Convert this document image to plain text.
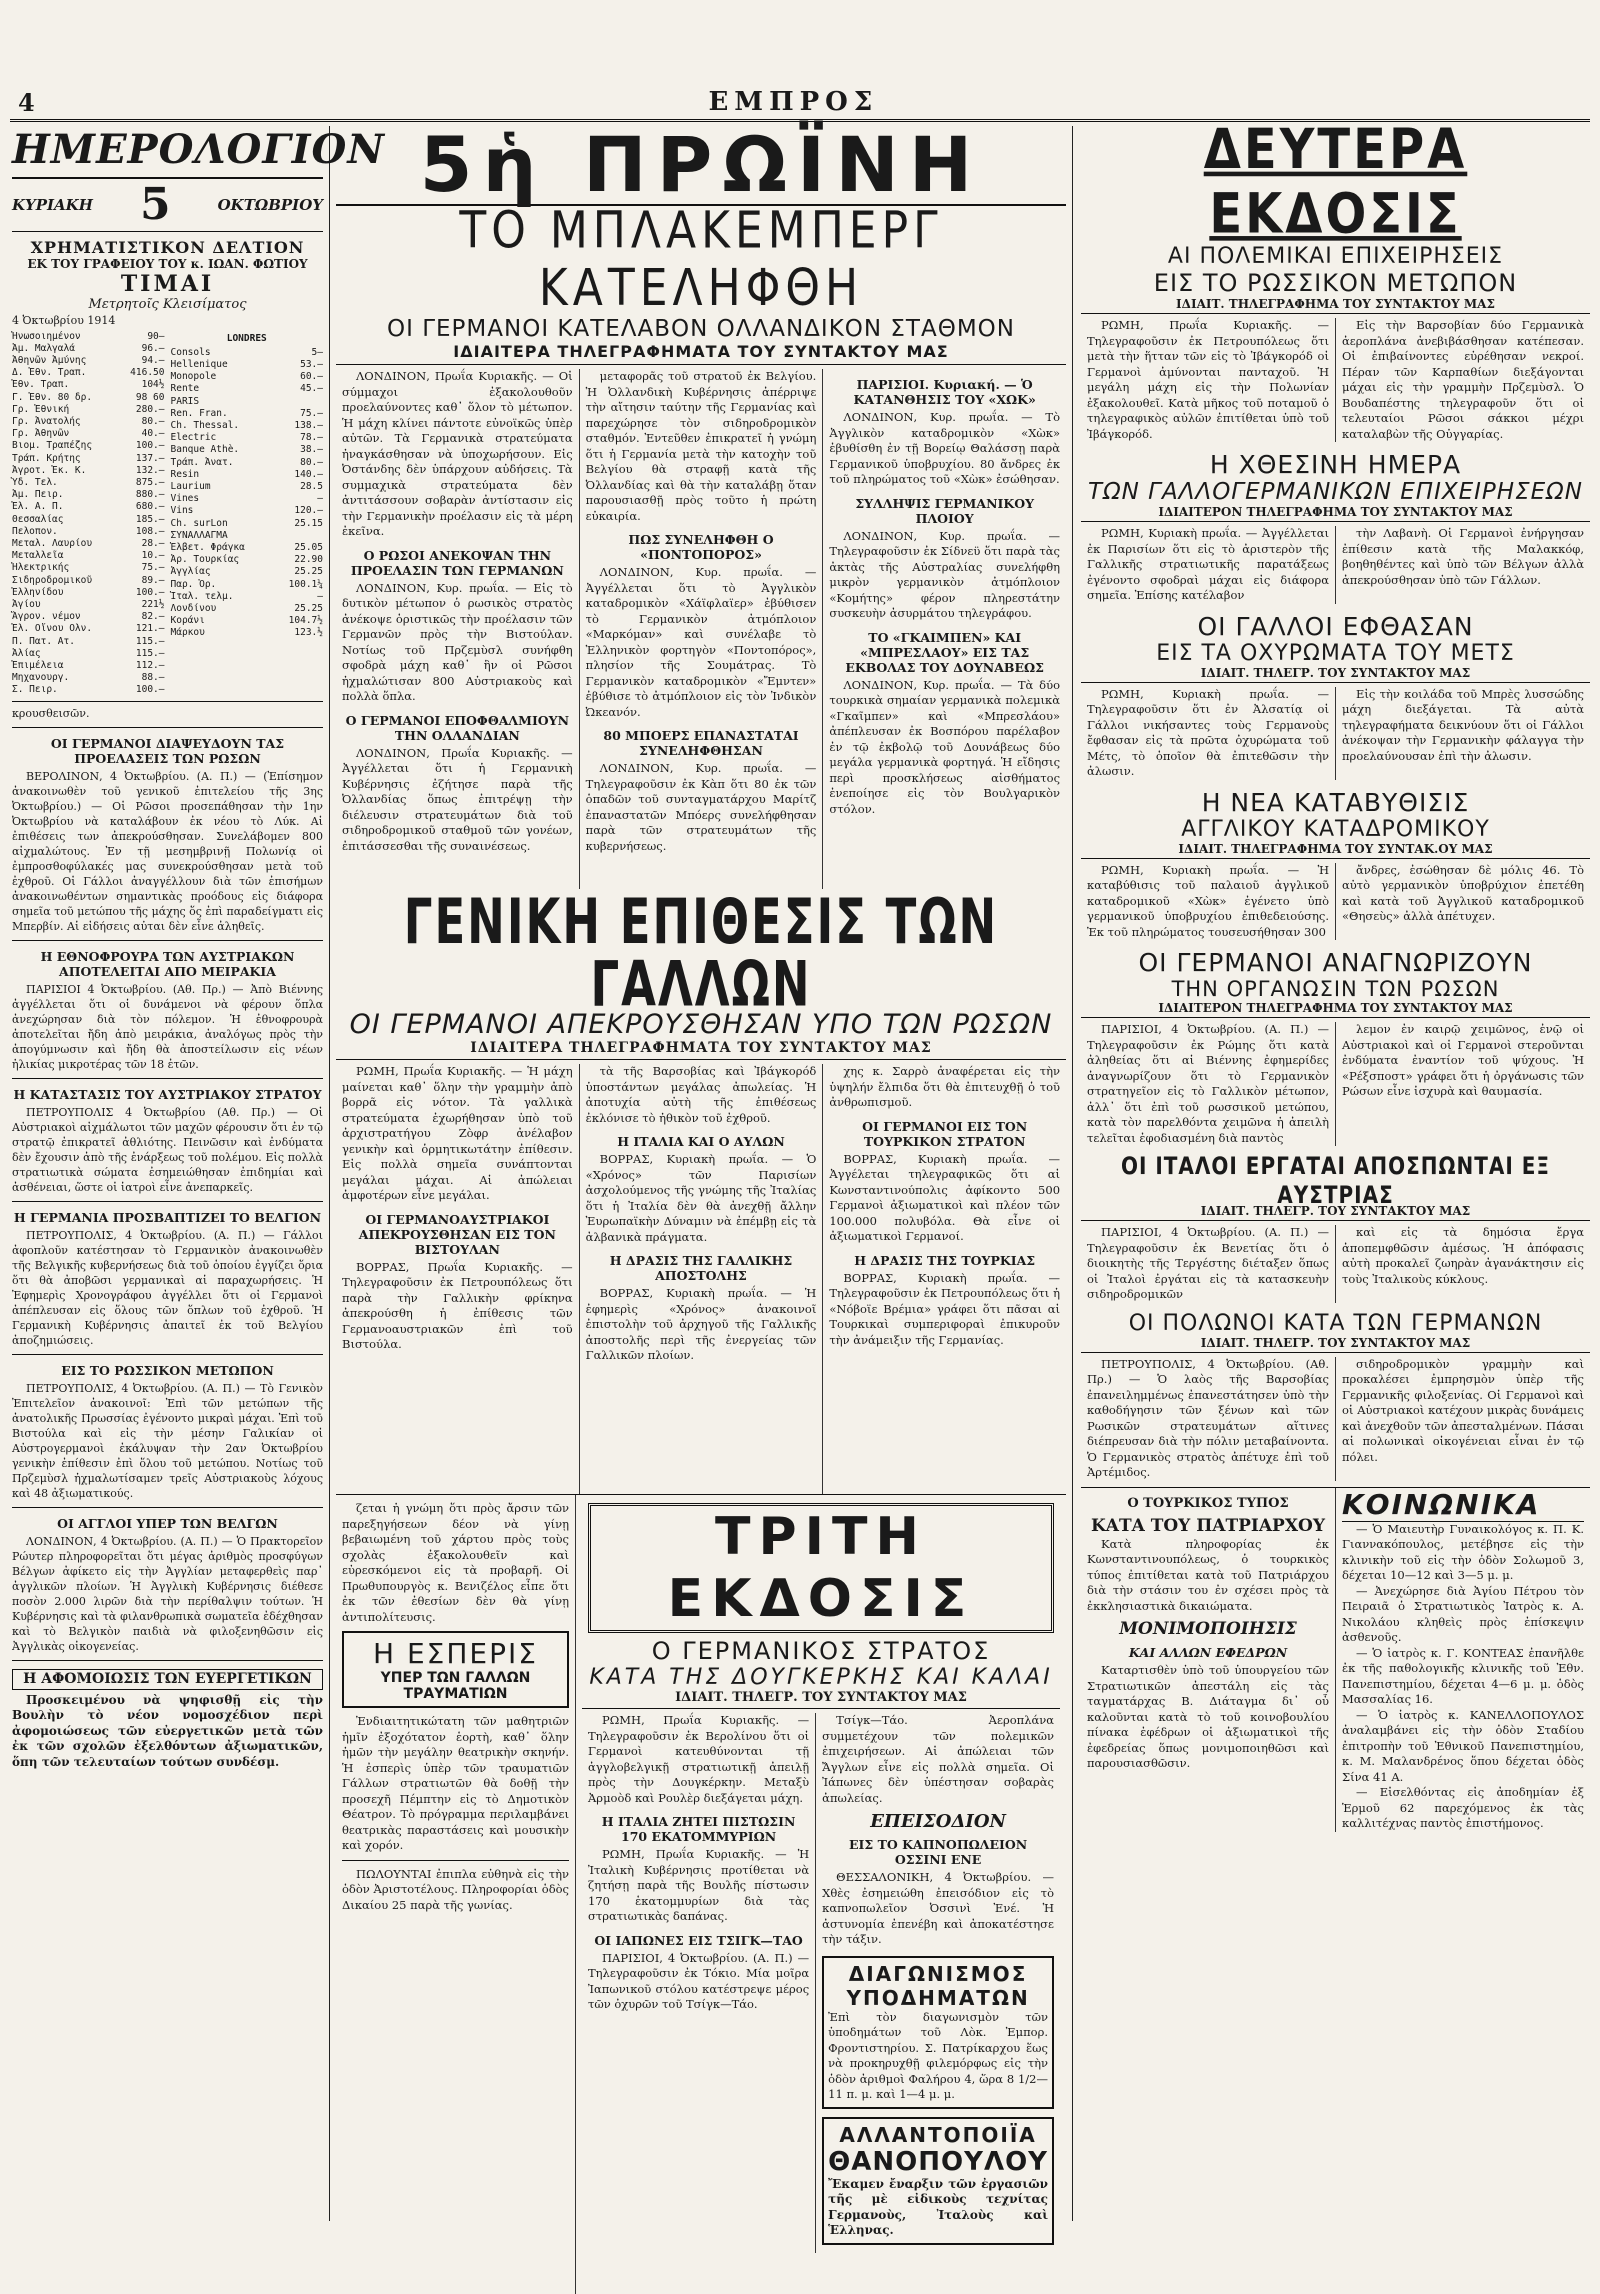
4	ΕΜΠΡΟΣ
ΗΜΕΡΟΛΟΓΙΟΝ
ΚΥΡΙΑΚΗ 5	ΟΚΤΩΒΡΙΟΥ
ΧΡΗΜΑΤΙΣΤΙΚΟΝ ΔΕΛΤΙΟΝ
ΕΚ ΤΟΥ ΓΡΑΦΕΙΟΥ ΤΟΥ κ. ΙΩΑΝ. ΦΩΤΙΟΥ
ΤΙΜΑΙ
Μετρητοῖς Κλεισίματος
4 Ὀκτωβρίου 1914
Ἡνωσοιημένον	90—
Ἀμ. Μαλγαλά	96.—
Ἀθηνῶν Ἀμύνης	94.—
Δ. Ἐθν. Τραπ.	416.50
Ἐθν. Τραπ.	104½
Γ. Ἐθν. 80 δρ.	98 60
Γρ. Ἐθνική	280.—
Γρ. Ἀνατολής	80.—
Γρ. Ἀθηνῶν	40.—
Βιομ. Τραπέζης	100.—
Τράπ. Κρήτης	137.—
Ἀγροτ. Ἐκ. Κ.	132.—
Ὑδ. Τελ.	875.—
Ἀμ. Πειρ.	880.—
Ἐλ. Α. Π.	680.—
Θεσσαλίας	185.—
Πελοπον.	108.—
Μεταλ. Λαυρίου	28.—
Μεταλλεῖα	10.—
Ἠλεκτρικής	75.—
Σιδηροδρομικοῦ	89.—
Ἑλληνίδου	100.—
Ἀγίου	221½
Ἄγρον. νέμον	82.—
Ἐλ. Οἴνου Ολν.	121.—
Π. Πατ. Ατ.	115.—
Ἀλίας	115.—
Ἐπιμέλεια	112.—
Μηχανουργ.	88.—
Σ. Πειρ.	100.—
LONDRES
Consols	5—
Hellenique	53.—
Monopole	60.—
Rente	45.—
PARIS
Ren. Fran.	75.—
Ch. Thessal.	138.—
Electric	78.—
Banque Athè.	38.—
Τράπ. Ἀνατ.	80.—
Resin	140.—
Laurium	28.5
Vines	—
Vins	120.—
Ch. surLon	25.15
ΣΥΝΑΛΛΑΓΜΑ
Ἐλβετ. Φράγκα	25.05
Ἀρ. Τουρκίας	22.90
Ἀγγλίας	25.25
Παρ. Ὁρ.	100.1¼
Ἰταλ. τελμ.	—
Λονδίνου	25.25
Κοράνι	104.7½
Μάρκου	123.½
κρουσθεισῶν.
ΟΙ ΓΕΡΜΑΝΟΙ ΔΙΑΨΕΥΔΟΥΝ ΤΑΣ ΠΡΟΕΛΑΣΕΙΣ ΤΩΝ ΡΩΣΩΝ
ΒΕΡΟΛΙΝΟΝ, 4 Ὀκτωβρίου. (Α. Π.) — (Ἐπίσημον ἀνακοινωθὲν τοῦ γενικοῦ ἐπιτελείου τῆς 3ης Ὀκτωβρίου.) — Οἱ Ρῶσοι προσεπάθησαν τὴν 1ην Ὀκτωβρίου νὰ καταλάβουν ἐκ νέου τὸ Λύκ. Αἱ ἐπιθέσεις των ἀπεκρούσθησαν. Συνελάβομεν 800 αἰχμαλώτους. Ἐν τῇ μεσημβρινῇ Πολωνίᾳ οἱ ἐμπροσθοφύλακές μας συνεκρούσθησαν μετὰ τοῦ ἐχθροῦ. Οἱ Γάλλοι ἀναγγέλλουν διὰ τῶν ἐπισήμων ἀνακοινωθέντων σημαντικὰς προόδους εἰς διάφορα σημεῖα τοῦ μετώπου τῆς μάχης ὅς ἐπὶ παραδείγματι εἰς Μπερβίν. Αἱ εἰδήσεις αὐται δὲν εἶνε ἀληθεῖς.
Η ΕΘΝΟΦΡΟΥΡΑ ΤΩΝ ΑΥΣΤΡΙΑΚΩΝ ΑΠΟΤΕΛΕΙΤΑΙ ΑΠΟ ΜΕΙΡΑΚΙΑ
ΠΑΡΙΣΙΟΙ 4 Ὀκτωβρίου. (Αθ. Πρ.) — Ἀπὸ Βιέννης ἀγγέλλεται ὅτι οἱ δυνάμενοι νὰ φέρουν ὅπλα ἀνεχώρησαν διὰ τὸν πόλεμον. Ἡ ἐθνοφρουρὰ ἀποτελεῖται ἤδη ἀπὸ μειράκια, ἀναλόγως πρὸς τὴν ἀπογύμνωσιν καὶ ἤδη θὰ ἀποστείλωσιν εἰς νέων ἡλικίας μικροτέρας τῶν 18 ἐτῶν.
Η ΚΑΤΑΣΤΑΣΙΣ ΤΟΥ ΑΥΣΤΡΙΑΚΟΥ ΣΤΡΑΤΟΥ
ΠΕΤΡΟΥΠΟΛΙΣ 4 Ὀκτωβρίου (Αθ. Πρ.) — Οἱ Αὐστριακοὶ αἰχμάλωτοι τῶν μαχῶν φέρουσιν ὅτι ἐν τῷ στρατῷ ἐπικρατεῖ ἀθλιότης. Πεινῶσιν καὶ ἐνδύματα δὲν ἔχουσιν ἀπὸ τῆς ἐνάρξεως τοῦ πολέμου. Εἰς πολλὰ στρατιωτικὰ σώματα ἐσημειώθησαν ἐπιδημίαι καὶ ἀσθένειαι, ὥστε οἱ ἰατροὶ εἶνε ἀνεπαρκεῖς.
Η ΓΕΡΜΑΝΙΑ ΠΡΟΣΒΑΠΤΙΖΕΙ ΤΟ ΒΕΛΓΙΟΝ
ΠΕΤΡΟΥΠΟΛΙΣ, 4 Ὀκτωβρίου. (Α. Π.) — Γάλλοι ἀφοπλοῦν κατέστησαν τὸ Γερμανικὸν ἀνακοινωθὲν τῆς Βελγικῆς κυβερνήσεως διὰ τοῦ ὁποίου ἐγγίζει ὅρια ὅτι θὰ ἀποβῶσι γερμανικαὶ αἱ παραχωρήσεις. Ἡ Ἐφημερὶς Χρονογράφου ἀγγέλλει ὅτι οἱ Γερμανοὶ ἀπέπλευσαν εἰς ὅλους τῶν ὅπλων τοῦ ἐχθροῦ. Ἡ Γερμανικὴ Κυβέρνησις ἀπαιτεῖ ἐκ τοῦ Βελγίου ἀποζημιώσεις.
ΕΙΣ ΤΟ ΡΩΣΣΙΚΟΝ ΜΕΤΩΠΟΝ
ΠΕΤΡΟΥΠΟΛΙΣ, 4 Ὀκτωβρίου. (Α. Π.) — Τὸ Γενικὸν Ἐπιτελεῖον ἀνακοινοῖ: Ἐπὶ τῶν μετώπων τῆς ἀνατολικῆς Πρωσσίας ἐγένοντο μικραὶ μάχαι. Ἐπὶ τοῦ Βιστούλα καὶ εἰς τὴν μέσην Γαλικίαν οἱ Αὐστρογερμανοὶ ἐκάλυψαν τὴν 2αν Ὀκτωβρίου γενικὴν ἐπίθεσιν ἐπὶ ὅλου τοῦ μετώπου. Νοτίως τοῦ Πρζεμὺσλ ἠχμαλωτίσαμεν τρεῖς Αὐστριακοὺς λόχους καὶ 48 ἀξιωματικούς.
ΟΙ ΑΓΓΛΟΙ ΥΠΕΡ ΤΩΝ ΒΕΛΓΩΝ
ΛΟΝΔΙΝΟΝ, 4 Ὀκτωβρίου. (Α. Π.) — Ὁ Πρακτορεῖον Ρώυτερ πληροφορεῖται ὅτι μέγας ἀριθμὸς προσφύγων Βέλγων ἀφίκετο εἰς τὴν Ἀγγλίαν μεταφερθεὶς παρ᾽ ἀγγλικῶν πλοίων. Ἡ Ἀγγλικὴ Κυβέρνησις διέθεσε ποσὸν 2.000 λιρῶν διὰ τὴν περίθαλψιν τούτων. Ἡ Κυβέρνησις καὶ τὰ φιλανθρωπικὰ σωματεῖα ἐδέχθησαν καὶ τὸ Βελγικὸν παιδιὰ νὰ φιλοξενηθῶσιν εἰς Ἀγγλικὰς οἰκογενείας.
Η ΑΦΟΜΟΙΩΣΙΣ ΤΩΝ ΕΥΕΡΓΕΤΙΚΩΝ
Προσκειμένου νὰ ψηφισθῇ εἰς τὴν Βουλὴν τὸ νέον νομοσχέδιον περὶ ἀφομοιώσεως τῶν εὐεργετικῶν μετὰ τῶν ἐκ τῶν σχολῶν ἐξελθόντων ἀξιωματικῶν, ὅπη τῶν τελευταίων τούτων συνδέσμ.
5ἡ ΠΡΩΪΝΗ
ΤΟ ΜΠΛΑΚΕΜΠΕΡΓ ΚΑΤΕΛΗΦΘΗ
ΟΙ ΓΕΡΜΑΝΟΙ ΚΑΤΕΛΑΒΟΝ ΟΛΛΑΝΔΙΚΟΝ ΣΤΑΘΜΟΝ
ΙΔΙΑΙΤΕΡΑ ΤΗΛΕΓΡΑΦΗΜΑΤΑ ΤΟΥ ΣΥΝΤΑΚΤΟΥ ΜΑΣ
ΛΟΝΔΙΝΟΝ, Πρωΐα Κυριακῆς. — Οἱ σύμμαχοι ἐξακολουθοῦν προελαύνοντες καθ᾽ ὅλον τὸ μέτωπον. Ἡ μάχη κλίνει πάντοτε εὐνοϊκῶς ὑπὲρ αὐτῶν. Τὰ Γερμανικὰ στρατεύματα ἠναγκάσθησαν νὰ ὑποχωρήσουν. Εἰς Ὀστάνδης δὲν ὑπάρχουν αὐδήσεις. Τὰ συμμαχικὰ στρατεύματα δὲν ἀντιτάσσουν σοβαρὰν ἀντίστασιν εἰς τὴν Γερμανικὴν προέλασιν εἰς τὰ μέρη ἐκεῖνα.
Ο ΡΩΣΟΙ ΑΝΕΚΟΨΑΝ ΤΗΝ ΠΡΟΕΛΑΣΙΝ ΤΩΝ ΓΕΡΜΑΝΩΝ
ΛΟΝΔΙΝΟΝ, Κυρ. πρωΐα. — Εἰς τὸ δυτικὸν μέτωπον ὁ ρωσικὸς στρατὸς ἀνέκοψε ὁριστικῶς τὴν προέλασιν τῶν Γερμανῶν πρὸς τὴν Βιστούλαν. Νοτίως τοῦ Πρζεμὺσλ συνήφθη σφοδρὰ μάχη καθ᾽ ἣν οἱ Ρῶσοι ἠχμαλώτισαν 800 Αὐστριακοὺς καὶ πολλὰ ὅπλα.
Ο ΓΕΡΜΑΝΟΙ ΕΠΟΦΘΑΛΜΙΟΥΝ ΤΗΝ ΟΛΛΑΝΔΙΑΝ
ΛΟΝΔΙΝΟΝ, Πρωΐα Κυριακῆς. — Ἀγγέλλεται ὅτι ἡ Γερμανικὴ Κυβέρνησις ἐζήτησε παρὰ τῆς Ὀλλανδίας ὅπως ἐπιτρέψῃ τὴν διέλευσιν στρατευμάτων διὰ τοῦ σιδηροδρομικοῦ σταθμοῦ τῶν γονέων, ἐπιτάσσεσθαι τῆς συναινέσεως.
μεταφορᾶς τοῦ στρατοῦ ἐκ Βελγίου. Ἡ Ὀλλανδικὴ Κυβέρνησις ἀπέρριψε τὴν αἴτησιν ταύτην τῆς Γερμανίας καὶ παρεχώρησε τὸν σιδηροδρομικὸν σταθμόν. Ἐντεῦθεν ἐπικρατεῖ ἡ γνώμη ὅτι ἡ Γερμανία μετὰ τὴν κατοχὴν τοῦ Βελγίου θὰ στραφῇ κατὰ τῆς Ὀλλανδίας καὶ θὰ τὴν καταλάβῃ ὅταν παρουσιασθῇ πρὸς τοῦτο ἡ πρώτη εὐκαιρία.
ΠΩΣ ΣΥΝΕΛΗΦΘΗ Ο «ΠΟΝΤΟΠΟΡΟΣ»
ΛΟΝΔΙΝΟΝ, Κυρ. πρωΐα. — Ἀγγέλλεται ὅτι τὸ Ἀγγλικὸν καταδρομικὸν «Χάϊφλαϊερ» ἐβύθισεν τὸ Γερμανικὸν ἀτμόπλοιον «Μαρκόμαν» καὶ συνέλαβε τὸ Ἑλληνικὸν φορτηγὸν «Ποντοπόρος», πλησίον τῆς Σουμάτρας. Τὸ Γερμανικὸν καταδρομικὸν «Ἔμντεν» ἐβύθισε τὸ ἀτμόπλοιον εἰς τὸν Ἰνδικὸν Ὠκεανόν.
80 ΜΠΟΕΡΣ ΕΠΑΝΑΣΤΑΤΑΙ ΣΥΝΕΛΗΦΘΗΣΑΝ
ΛΟΝΔΙΝΟΝ, Κυρ. πρωΐα. — Τηλεγραφοῦσιν ἐκ Κὰπ ὅτι 80 ἐκ τῶν ὁπαδῶν τοῦ συνταγματάρχου Μαρίτζ ἐπαναστατῶν Μπόερς συνελήφθησαν παρὰ τῶν στρατευμάτων τῆς κυβερνήσεως.
ΠΑΡΙΣΙΟΙ. Κυριακή. — Ὁ ΚΑΤΑΝΘΗΣΙΣ ΤΟΥ «ΧΩΚ»
ΛΟΝΔΙΝΟΝ, Κυρ. πρωΐα. — Τὸ Ἀγγλικὸν καταδρομικὸν «Χὼκ» ἐβυθίσθη ἐν τῇ Βορείῳ Θαλάσσῃ παρὰ Γερμανικοῦ ὑποβρυχίου. 80 ἄνδρες ἐκ τοῦ πληρώματος τοῦ «Χὼκ» ἐσώθησαν.
ΣΥΛΛΗΨΙΣ ΓΕΡΜΑΝΙΚΟΥ ΠΛΟΙΟΥ
ΛΟΝΔΙΝΟΝ, Κυρ. πρωΐα. — Τηλεγραφοῦσιν ἐκ Σίδνεϋ ὅτι παρὰ τὰς ἀκτὰς τῆς Αὐστραλίας συνελήφθη μικρὸν γερμανικὸν ἀτμόπλοιον «Κομήτης» φέρον πληρεστάτην συσκευὴν ἀσυρμάτου τηλεγράφου.
ΤΟ «ΓΚΑΙΜΠΕΝ» ΚΑΙ «ΜΠΡΕΣΛΑΟΥ» ΕΙΣ ΤΑΣ ΕΚΒΟΛΑΣ ΤΟΥ ΔΟΥΝΑΒΕΩΣ
ΛΟΝΔΙΝΟΝ, Κυρ. πρωΐα. — Τὰ δύο τουρκικὰ σημαίαν γερμανικὰ πολεμικὰ «Γκαῖμπεν» καὶ «Μπρεσλάου» ἀπέπλευσαν ἐκ Βοσπόρου παρέλαβον ἐν τῷ ἐκβολῷ τοῦ Δουνάβεως δύο μεγάλα γερμανικὰ φορτηγά. Ἡ εἴδησις περὶ προσκλήσεως αἰσθήματος ἐνεποίησε εἰς τὸν Βουλγαρικὸν στόλον.
ΓΕΝΙΚΗ ΕΠΙΘΕΣΙΣ ΤΩΝ ΓΑΛΛΩΝ
ΟΙ ΓΕΡΜΑΝΟΙ ΑΠΕΚΡΟΥΣΘΗΣΑΝ ΥΠΟ ΤΩΝ ΡΩΣΩΝ
ΙΔΙΑΙΤΕΡΑ ΤΗΛΕΓΡΑΦΗΜΑΤΑ ΤΟΥ ΣΥΝΤΑΚΤΟΥ ΜΑΣ
ΡΩΜΗ, Πρωΐα Κυριακῆς. — Ἡ μάχη μαίνεται καθ᾽ ὅλην τὴν γραμμὴν ἀπὸ βορρᾶ εἰς νότον. Τὰ γαλλικὰ στρατεύματα ἐχωρήθησαν ὑπὸ τοῦ ἀρχιστρατήγου Ζὸφρ ἀνέλαβον γενικὴν καὶ ὁρμητικωτάτην ἐπίθεσιν. Εἰς πολλὰ σημεῖα συνάπτονται μεγάλαι μάχαι. Αἱ ἀπώλειαι ἀμφοτέρων εἶνε μεγάλαι.
ΟΙ ΓΕΡΜΑΝΟΑΥΣΤΡΙΑΚΟΙ ΑΠΕΚΡΟΥΣΘΗΣΑΝ ΕΙΣ ΤΟΝ ΒΙΣΤΟΥΛΑΝ
ΒΟΡΡΑΣ, Πρωΐα Κυριακῆς. — Τηλεγραφοῦσιν ἐκ Πετρουπόλεως ὅτι παρὰ τὴν Γαλλικὴν φρίκηνα ἀπεκρούσθη ἡ ἐπίθεσις τῶν Γερμανοαυστριακῶν ἐπὶ τοῦ Βιστούλα.
τὰ τῆς Βαρσοβίας καὶ Ἰβάγκορόδ ὑποστάντων μεγάλας ἀπωλείας. Ἡ ἀποτυχία αὐτὴ τῆς ἐπιθέσεως ἐκλόνισε τὸ ἠθικὸν τοῦ ἐχθροῦ.
Η ΙΤΑΛΙΑ ΚΑΙ Ο ΑΥΛΩΝ
ΒΟΡΡΑΣ, Κυριακὴ πρωΐα. — Ὁ «Χρόνος» τῶν Παρισίων ἀσχολούμενος τῆς γνώμης τῆς Ἰταλίας ὅτι ἡ Ἰταλία δὲν θὰ ἀνεχθῇ ἄλλην Ἐυρωπαϊκὴν Δύναμιν νὰ ἐπέμβῃ εἰς τὰ ἀλβανικὰ πράγματα.
Η ΔΡΑΣΙΣ ΤΗΣ ΓΑΛΛΙΚΗΣ ΑΠΟΣΤΟΛΗΣ
ΒΟΡΡΑΣ, Κυριακὴ πρωΐα. — Ἡ ἐφημερὶς «Χρόνος» ἀνακοινοῖ ἐπιστολὴν τοῦ ἀρχηγοῦ τῆς Γαλλικῆς ἀποστολῆς περὶ τῆς ἐνεργείας τῶν Γαλλικῶν πλοίων.
χης κ. Σαρρὸ ἀναφέρεται εἰς τὴν ὑψηλήν ἔλπιδα ὅτι θὰ ἐπιτευχθῇ ὁ τοῦ ἀνθρωπισμοῦ.
ΟΙ ΓΕΡΜΑΝΟΙ ΕΙΣ ΤΟΝ ΤΟΥΡΚΙΚΟΝ ΣΤΡΑΤΟΝ
ΒΟΡΡΑΣ, Κυριακὴ πρωΐα. — Ἀγγέλεται τηλεγραφικῶς ὅτι αἱ Κωνσταντινούπολις ἀφίκοντο 500 Γερμανοὶ ἀξιωματικοὶ καὶ πλέον τῶν 100.000 πολυβόλα. Θὰ εἶνε οἱ ἀξιωματικοὶ Γερμανοί.
Η ΔΡΑΣΙΣ ΤΗΣ ΤΟΥΡΚΙΑΣ
ΒΟΡΡΑΣ, Κυριακὴ πρωΐα. — Τηλεγραφοῦσιν ἐκ Πετρουπόλεως ὅτι ἡ «Νόβοϊε Βρέμια» γράφει ὅτι πᾶσαι αἱ Τουρκικαὶ συμπεριφοραὶ ἐπικυροῦν τὴν ἀνάμειξιν τῆς Γερμανίας.
ζεται ἡ γνώμη ὅτι πρὸς ἄρσιν τῶν παρεξηγήσεων δέον νὰ γίνῃ βεβαιωμένη τοῦ χάρτου πρὸς τοὺς σχολὰς ἐξακολουθεῖν καὶ εὐρεσκόμενοι εἰς τὰ προβαρῆ. Οἱ Πρωθυπουργὸς κ. Βενιζέλος εἶπε ὅτι ἐκ τῶν ἐθεσίων δὲν θὰ γίνῃ ἀντιπολίτευσις.
Η ΕΣΠΕΡΙΣ
ΥΠΕΡ ΤΩΝ ΓΑΛΛΩΝ ΤΡΑΥΜΑΤΙΩΝ
Ἐνδιαιτητικώτατη τῶν μαθητριῶν ἡμῖν ἐξοχότατον ἑορτὴ, καθ᾽ ὅλην ἡμῶν τὴν μεγάλην θεατρικὴν σκηνήν. Ἡ ἐσπερὶς ὑπὲρ τῶν τραυματιῶν Γάλλων στρατιωτῶν θὰ δοθῇ τὴν προσεχῆ Πέμπτην εἰς τὸ Δημοτικὸν Θέατρον. Τὸ πρόγραμμα περιλαμβάνει θεατρικὰς παραστάσεις καὶ μουσικὴν καὶ χορόν.
ΠΩΛΟΥΝΤΑΙ ἐπιπλα εὐθηνὰ εἰς τὴν ὁδὸν Ἀριστοτέλους. Πληροφορίαι ὁδὸς Δικαίου 25 παρὰ τῆς γωνίας.
ΤΡΙΤΗ ΕΚΔΟΣΙΣ
Ο ΓΕΡΜΑΝΙΚΟΣ ΣΤΡΑΤΟΣ
ΚΑΤΑ ΤΗΣ ΔΟΥΓΚΕΡΚΗΣ ΚΑΙ ΚΑΛΑΙ
ΙΔΙΑΙΤ. ΤΗΛΕΓΡ. ΤΟΥ ΣΥΝΤΑΚΤΟΥ ΜΑΣ
ΡΩΜΗ, Πρωΐα Κυριακῆς. — Τηλεγραφοῦσιν ἐκ Βερολίνου ὅτι οἱ Γερμανοὶ κατευθύνονται τῇ ἀγγλοβελγικῇ στρατιωτικῇ ἀπειλῇ πρὸς τὴν Δουγκέρκην. Μεταξὺ Ἀρμοὸδ καὶ Ρουλὲρ διεξάγεται μάχη.
Η ΙΤΑΛΙΑ ΖΗΤΕΙ ΠΙΣΤΩΣΙΝ 170 ΕΚΑΤΟΜΜΥΡΙΩΝ
ΡΩΜΗ, Πρωΐα Κυριακῆς. — Ἡ Ἰταλικὴ Κυβέρνησις προτίθεται νὰ ζητήσῃ παρὰ τῆς Βουλῆς πίστωσιν 170 ἑκατομμυρίων διὰ τὰς στρατιωτικὰς δαπάνας.
ΟΙ ΙΑΠΩΝΕΣ ΕΙΣ ΤΣΙΓΚ—ΤΑΟ
ΠΑΡΙΣΙΟΙ, 4 Ὀκτωβρίου. (Α. Π.) — Τηλεγραφοῦσιν ἐκ Τόκιο. Μία μοῖρα Ἰαπωνικοῦ στόλου κατέστρεψε μέρος τῶν ὀχυρῶν τοῦ Τσίγκ—Τάο.
Τσίγκ—Τάο. Ἀεροπλάνα συμμετέχουν τῶν πολεμικῶν ἐπιχειρήσεων. Αἱ ἀπώλειαι τῶν Ἄγγλων εἶνε εἰς πολλὰ σημεῖα. Οἱ Ἰάπωνες δὲν ὑπέστησαν σοβαρὰς ἀπωλείας.
ΕΠΕΙΣΟΔΙΟΝ
ΕΙΣ ΤΟ ΚΑΠΝΟΠΩΛΕΙΟΝ ΟΣΣΙΝΙ ΕΝΕ
ΘΕΣΣΑΛΟΝΙΚΗ, 4 Ὀκτωβρίου. — Χθὲς ἐσημειώθη ἐπεισόδιον εἰς τὸ καπνοπωλεῖον Ὀσσινὶ Ἐνέ. Ἡ ἀστυνομία ἐπενέβη καὶ ἀποκατέστησε τὴν τάξιν.
ΔΙΑΓΩΝΙΣΜΟΣ ΥΠΟΔΗΜΑΤΩΝ
Ἐπὶ τὸν διαγωνισμὸν τῶν ὑποδημάτων τοῦ Λὸκ. Ἐμπορ. Φροντιστηρίου. Σ. Πατρίκαρχου ἕως νὰ προκηρυχθῇ φιλεμόρφως εἰς τὴν ὁδὸν ἀριθμοὶ Φαλήρου 4, ὥρα 8 1/2—11 π. μ. καὶ 1—4 μ. μ.
ΑΛΛΑΝΤΟΠΟΙΪΑ
ΘΑΝΟΠΟΥΛΟΥ
Ἔκαμεν ἔναρξιν τῶν ἐργασιῶν τῆς μὲ εἰδικοὺς τεχνίτας Γερμανοὺς, Ἰταλοὺς καὶ Ἑλληνας.
ΔΕΥΤΕΡΑ ΕΚΔΟΣΙΣ
ΑΙ ΠΟΛΕΜΙΚΑΙ ΕΠΙΧΕΙΡΗΣΕΙΣ
ΕΙΣ ΤΟ ΡΩΣΣΙΚΟΝ ΜΕΤΩΠΟΝ
ΙΔΙΑΙΤ. ΤΗΛΕΓΡΑΦΗΜΑ ΤΟΥ ΣΥΝΤΑΚΤΟΥ ΜΑΣ
ΡΩΜΗ, Πρωΐα Κυριακῆς. — Τηλεγραφοῦσιν ἐκ Πετρουπόλεως ὅτι μετὰ τὴν ἥτταν τῶν εἰς τὸ Ἰβάγκορόδ οἱ Γερμανοὶ ἀμύνονται πανταχοῦ. Ἡ μεγάλη μάχη εἰς τὴν Πολωνίαν ἐξακολουθεῖ. Κατὰ μῆκος τοῦ ποταμοῦ ὁ τηλεγραφικὸς αὐλῶν ἐπιτίθεται ὑπὸ τοῦ Ἰβάγκορόδ.
Εἰς τὴν Βαρσοβίαν δύο Γερμανικὰ ἀεροπλάνα ἀνεβιβάσθησαν κατέπεσαν. Οἱ ἐπιβαίνοντες εὑρέθησαν νεκροί. Πέραν τῶν Καρπαθίων διεξάγονται μάχαι εἰς τὴν γραμμὴν Πρζεμὺσλ. Ὁ Βουδαπέστης τηλεγραφοῦν ὅτι οἱ τελευταίοι Ρῶσοι σάκκοι μέχρι καταλαβὼν τῆς Οὐγγαρίας.
Η ΧΘΕΣΙΝΗ ΗΜΕΡΑ
ΤΩΝ ΓΑΛΛΟΓΕΡΜΑΝΙΚΩΝ ΕΠΙΧΕΙΡΗΣΕΩΝ
ΙΔΙΑΙΤΕΡΟΝ ΤΗΛΕΓΡΑΦΗΜΑ ΤΟΥ ΣΥΝΤΑΚΤΟΥ ΜΑΣ
ΡΩΜΗ, Κυριακὴ πρωΐα. — Ἀγγέλλεται ἐκ Παρισίων ὅτι εἰς τὸ ἀριστερὸν τῆς Γαλλικῆς στρατιωτικῆς παρατάξεως ἐγένοντο σφοδραὶ μάχαι εἰς διάφορα σημεῖα. Ἐπίσης κατέλαβον
τὴν Λαβανὴ. Οἱ Γερμανοὶ ἐνήργησαν ἐπίθεσιν κατὰ τῆς Μαλακκόφ, βοηθηθέντες καὶ ὑπὸ τῶν Βέλγων ἀλλὰ ἀπεκρούσθησαν ὑπὸ τῶν Γάλλων.
ΟΙ ΓΑΛΛΟΙ ΕΦΘΑΣΑΝ
ΕΙΣ ΤΑ ΟΧΥΡΩΜΑΤΑ ΤΟΥ ΜΕΤΣ
ΙΔΙΑΙΤ. ΤΗΛΕΓΡ. ΤΟΥ ΣΥΝΤΑΚΤΟΥ ΜΑΣ
ΡΩΜΗ, Κυριακὴ πρωΐα. — Τηλεγραφοῦσιν ὅτι ἐν Ἀλσατίᾳ οἱ Γάλλοι νικήσαντες τοὺς Γερμανοὺς ἔφθασαν εἰς τὰ πρῶτα ὀχυρώματα τοῦ Μέτς, τὸ ὁποῖον θὰ ἐπιτεθῶσιν τὴν ἀλωσιν.
Εἰς τὴν κοιλάδα τοῦ Μπρὲς λυσσώδης μάχη διεξάγεται. Τὰ αὐτὰ τηλεγραφήματα δεικνύουν ὅτι οἱ Γάλλοι ἀνέκοψαν τὴν Γερμανικὴν φάλαγγα τὴν προελαύνουσαν ἐπὶ τὴν ἀλωσιν.
Η ΝΕΑ ΚΑΤΑΒΥΘΙΣΙΣ
ΑΓΓΛΙΚΟΥ ΚΑΤΑΔΡΟΜΙΚΟΥ
ΙΔΙΑΙΤ. ΤΗΛΕΓΡΑΦΗΜΑ ΤΟΥ ΣΥΝΤΑΚ.ΟΥ ΜΑΣ
ΡΩΜΗ, Κυριακὴ πρωΐα. — Ἡ καταβύθισις τοῦ παλαιοῦ ἀγγλικοῦ καταδρομικοῦ «Χὼκ» ἐγένετο ὑπὸ γερμανικοῦ ὑποβρυχίου ἐπιθεδειούσης. Ἐκ τοῦ πληρώματος τουσευσήθησαν 300
ἄνδρες, ἐσώθησαν δὲ μόλις 46. Τὸ αὐτὸ γερμανικὸν ὑποβρύχιον ἐπετέθη καὶ κατὰ τοῦ Ἀγγλικοῦ καταδρομικοῦ «Θησεὺς» ἀλλὰ ἀπέτυχεν.
ΟΙ ΓΕΡΜΑΝΟΙ ΑΝΑΓΝΩΡΙΖΟΥΝ
ΤΗΝ ΟΡΓΑΝΩΣΙΝ ΤΩΝ ΡΩΣΩΝ
ΙΔΙΑΙΤΕΡΟΝ ΤΗΛΕΓΡΑΦΗΜΑ ΤΟΥ ΣΥΝΤΑΚΤΟΥ ΜΑΣ
ΠΑΡΙΣΙΟΙ, 4 Ὀκτωβρίου. (Α. Π.) — Τηλεγραφοῦσιν ἐκ Ρώμης ὅτι κατὰ ἀληθείας ὅτι αἱ Βιέννης ἐφημερίδες ἀναγνωρίζουν ὅτι τὸ Γερμανικὸν στρατηγεῖον εἰς τὸ Γαλλικὸν μέτωπον, ἀλλ᾽ ὅτι ἐπὶ τοῦ ρωσσικοῦ μετώπου, κατὰ τὸν παρελθόντα χειμῶνα ἡ ἀπειλὴ τελεῖται ἐφοδιασμένη διὰ παντὸς
λεμον ἐν καιρῷ χειμῶνος, ἐνῷ οἱ Αὐστριακοὶ καὶ οἱ Γερμανοὶ στεροῦνται ἐνδύματα ἐναντίον τοῦ ψύχους. Ἡ «Ρέξσποστ» γράφει ὅτι ἡ ὀργάνωσις τῶν Ρώσων εἶνε ἰσχυρὰ καὶ θαυμασία.
ΟΙ ΙΤΑΛΟΙ ΕΡΓΑΤΑΙ ΑΠΟΣΠΩΝΤΑΙ ΕΞ ΑΥΣΤΡΙΑΣ
ΙΔΙΑΙΤ. ΤΗΛΕΓΡ. ΤΟΥ ΣΥΝΤΑΚΤΟΥ ΜΑΣ
ΠΑΡΙΣΙΟΙ, 4 Ὀκτωβρίου. (Α. Π.) — Τηλεγραφοῦσιν ἐκ Βενετίας ὅτι ὁ διοικητὴς τῆς Τεργέστης διέταξεν ὅπως οἱ Ἰταλοὶ ἐργάται εἰς τὰ κατασκευὴν σιδηροδρομικῶν
καὶ εἰς τὰ δημόσια ἔργα ἀποπεμφθῶσιν ἀμέσως. Ἡ ἀπόφασις αὐτὴ προκαλεῖ ζωηρὰν ἀγανάκτησιν εἰς τοὺς Ἰταλικοὺς κύκλους.
ΟΙ ΠΟΛΩΝΟΙ ΚΑΤΑ ΤΩΝ ΓΕΡΜΑΝΩΝ
ΙΔΙΑΙΤ. ΤΗΛΕΓΡ. ΤΟΥ ΣΥΝΤΑΚΤΟΥ ΜΑΣ
ΠΕΤΡΟΥΠΟΛΙΣ, 4 Ὀκτωβρίου. (Αθ. Πρ.) — Ὁ λαὸς τῆς Βαρσοβίας ἐπανειλημμένως ἐπανεστάτησεν ὑπὸ τὴν καθοδήγησιν τῶν ξένων καὶ τῶν Ρωσικῶν στρατευμάτων αἵτινες διέπρευσαν διὰ τὴν πόλιν μεταβαίνοντα. Ὁ Γερμανικὸς στρατὸς ἀπέτυχε ἐπὶ τοῦ Ἀρτέμιδος.
σιδηροδρομικὸν γραμμὴν καὶ προκαλέσει ἐμπρησμὸν ὑπὲρ τῆς Γερμανικῆς φιλοξενίας. Οἱ Γερμανοὶ καὶ οἱ Αὐστριακοὶ κατέχουν μικρὰς δυνάμεις καὶ ἀνεχθοῦν τῶν ἀπεσταλμένων. Πάσαι αἱ πολωνικαὶ οἰκογένειαι εἶναι ἐν τῷ πόλει.
Ο ΤΟΥΡΚΙΚΟΣ ΤΥΠΟΣ
ΚΑΤΑ ΤΟΥ ΠΑΤΡΙΑΡΧΟΥ
Κατὰ πληροφορίας ἐκ Κωνσταντινουπόλεως, ὁ τουρκικὸς τύπος ἐπιτίθεται κατὰ τοῦ Πατριάρχου διὰ τὴν στάσιν του ἐν σχέσει πρὸς τὰ ἐκκλησιαστικὰ δικαιώματα.
ΜΟΝΙΜΟΠΟΙΗΣΙΣ
ΚΑΙ ΑΛΛΩΝ ΕΦΕΔΡΩΝ
Καταρτισθὲν ὑπὸ τοῦ ὑπουργείου τῶν Στρατιωτικῶν ἀπεστάλη εἰς τὰς ταγματάρχας Β. Διάταγμα δι᾽ οὗ καλοῦνται κατὰ τὸ τοῦ κοινοβουλίου πίνακα ἐφέδρων οἱ ἀξιωματικοὶ τῆς ἐφεδρείας ὅπως μονιμοποιηθῶσι καὶ παρουσιασθῶσιν.
ΚΟΙΝΩΝΙΚΑ
— Ὁ Μαιευτὴρ Γυναικολόγος κ. Π. Κ. Γιαννακόπουλος, μετέβησε εἰς τὴν κλινικὴν τοῦ εἰς τὴν ὁδὸν Σολωμοῦ 3, δέχεται 10—12 καὶ 3—5 μ. μ.
— Ἀνεχώρησε διὰ Ἀγίου Πέτρου τὸν Πειραιᾶ ὁ Στρατιωτικὸς Ἰατρὸς κ. Α. Νικολάου κληθεὶς πρὸς ἐπίσκεψιν ἀσθενοῦς.
— Ὁ ἰατρὸς κ. Γ. ΚΟΝΤΕΑΣ ἐπανῆλθε ἐκ τῆς παθολογικῆς κλινικῆς τοῦ Ἐθν. Πανεπιστημίου, δέχεται 4—6 μ. μ. ὁδὸς Μασσαλίας 16.
— Ὁ ἰατρὸς κ. ΚΑΝΕΛΛΟΠΟΥΛΟΣ ἀναλαμβάνει εἰς τὴν ὁδὸν Σταδίου ἐπιτροπὴν τοῦ Ἐθνικοῦ Πανεπιστημίου, κ. Μ. Μαλανδρένος ὅπου δέχεται ὁδὸς Σίνα 41 Α.
— Εἰσελθόντας εἰς ἀποδημίαν ἐξ Ἑρμοῦ 62 παρεχόμενος ἐκ τὰς καλλιτέχνας παντὸς ἐπιστήμονος.
